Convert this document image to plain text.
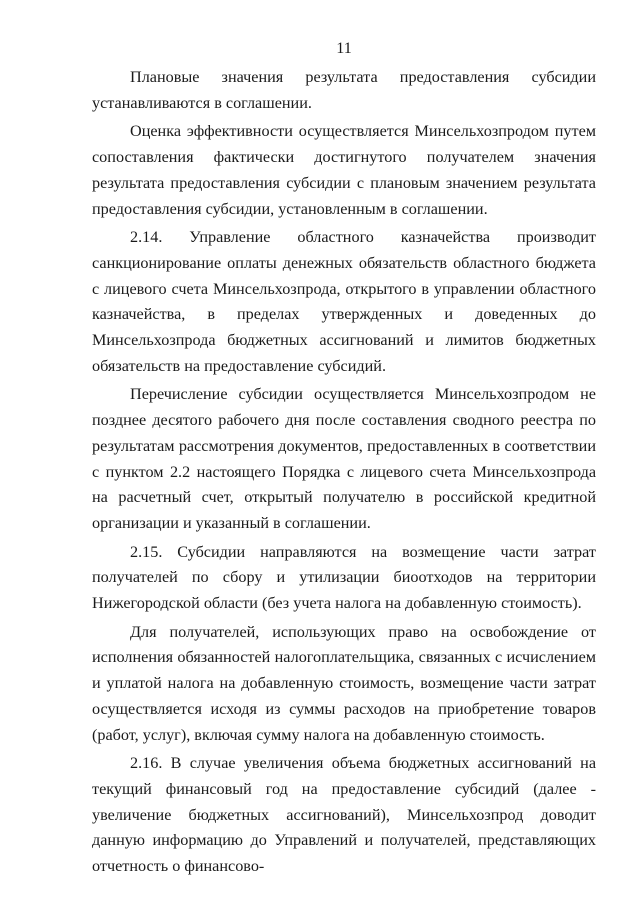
11

Плановые значения результата предоставления субсидии устанавливаются в соглашении.

Оценка эффективности осуществляется Минсельхозпродом путем сопоставления фактически достигнутого получателем значения результата предоставления субсидии с плановым значением результата предоставления субсидии, установленным в соглашении.

2.14. Управление областного казначейства производит санкционирование оплаты денежных обязательств областного бюджета с лицевого счета Минсельхозпрода, открытого в управлении областного казначейства, в пределах утвержденных и доведенных до Минсельхозпрода бюджетных ассигнований и лимитов бюджетных обязательств на предоставление субсидий.

Перечисление субсидии осуществляется Минсельхозпродом не позднее десятого рабочего дня после составления сводного реестра по результатам рассмотрения документов, предоставленных в соответствии с пунктом 2.2 настоящего Порядка с лицевого счета Минсельхозпрода на расчетный счет, открытый получателю в российской кредитной организации и указанный в соглашении.

2.15. Субсидии направляются на возмещение части затрат получателей по сбору и утилизации биоотходов на территории Нижегородской области (без учета налога на добавленную стоимость).

Для получателей, использующих право на освобождение от исполнения обязанностей налогоплательщика, связанных с исчислением и уплатой налога на добавленную стоимость, возмещение части затрат осуществляется исходя из суммы расходов на приобретение товаров (работ, услуг), включая сумму налога на добавленную стоимость.

2.16. В случае увеличения объема бюджетных ассигнований на текущий финансовый год на предоставление субсидий (далее - увеличение бюджетных ассигнований), Минсельхозпрод доводит данную информацию до Управлений и получателей, представляющих отчетность о финансово-
